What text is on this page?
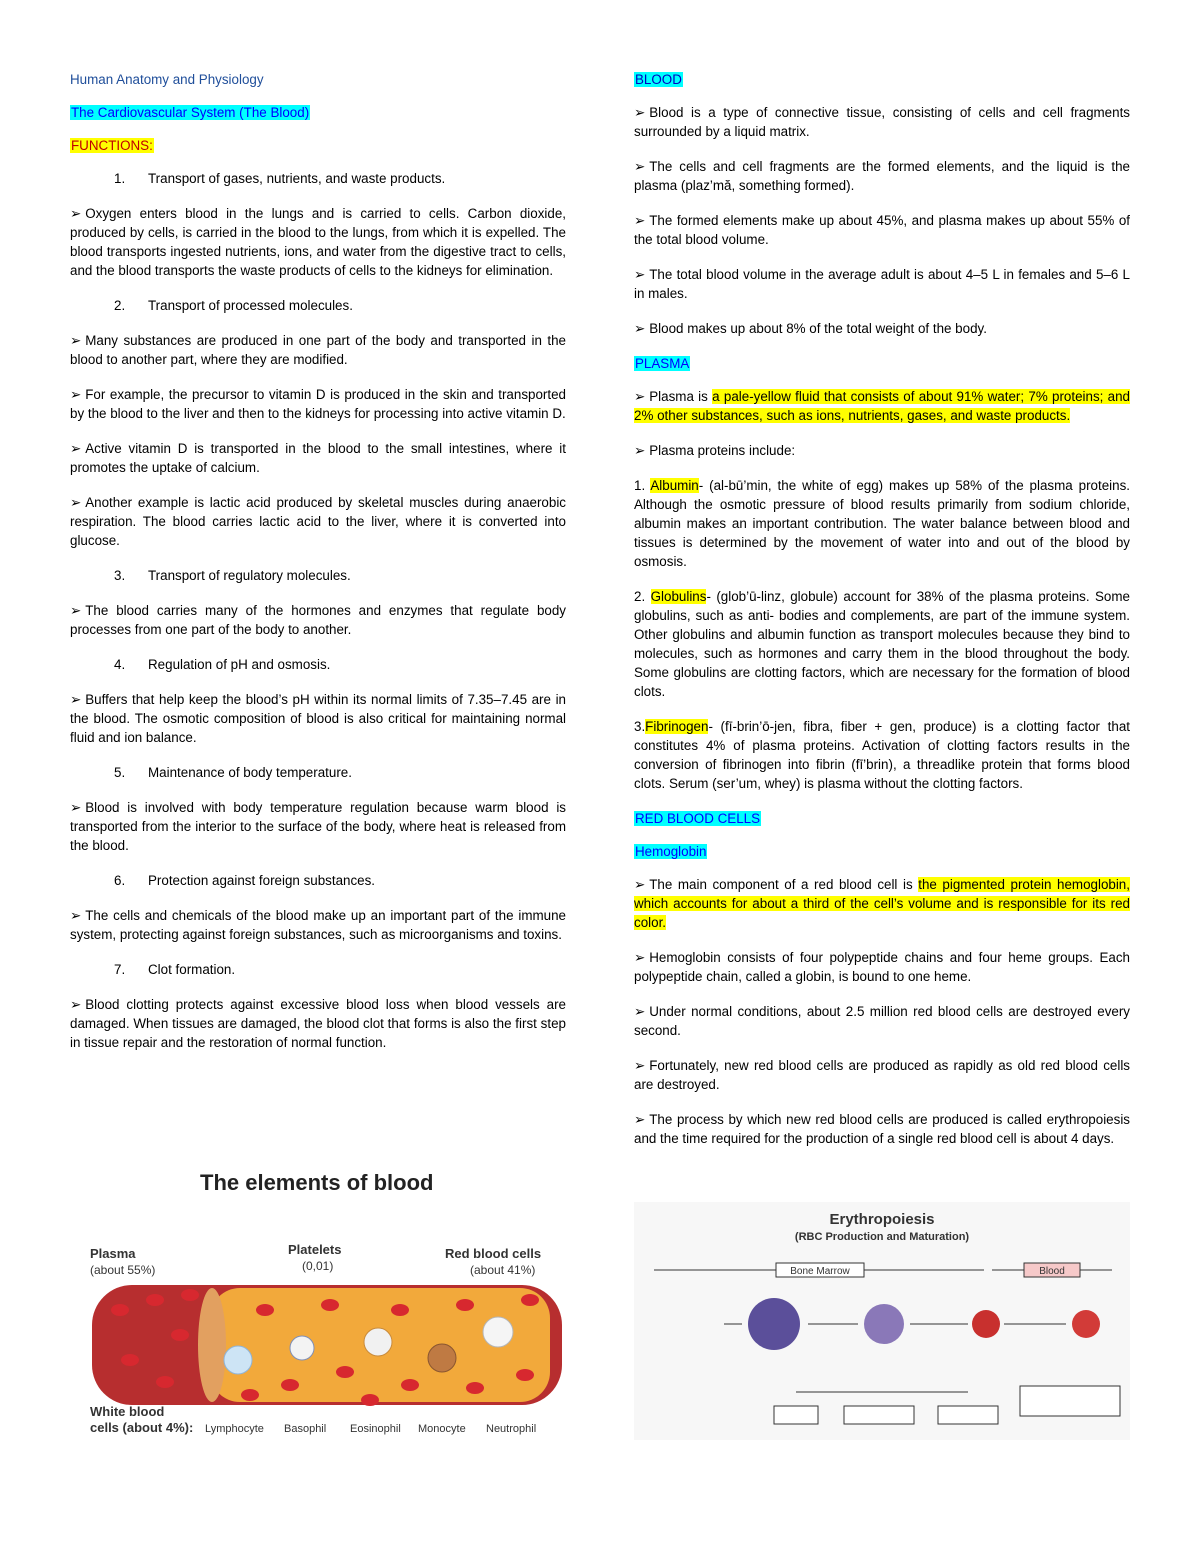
Human Anatomy and Physiology
The Cardiovascular System (The Blood)
FUNCTIONS:
1.	Transport of gases, nutrients, and waste products.

➢ Oxygen enters blood in the lungs and is carried to cells. Carbon dioxide, produced by cells, is carried in the blood to the lungs, from which it is expelled. The blood transports ingested nutrients, ions, and water from the digestive tract to cells, and the blood transports the waste products of cells to the kidneys for elimination.

2.	Transport of processed molecules.

➢ Many substances are produced in one part of the body and transported in the blood to another part, where they are modified.

➢ For example, the precursor to vitamin D is produced in the skin and transported by the blood to the liver and then to the kidneys for processing into active vitamin D.

➢ Active vitamin D is transported in the blood to the small intestines, where it promotes the uptake of calcium.

➢ Another example is lactic acid produced by skeletal muscles during anaerobic respiration. The blood carries lactic acid to the liver, where it is converted into glucose.

3.	Transport of regulatory molecules.

➢ The blood carries many of the hormones and enzymes that regulate body processes from one part of the body to another.

4.	Regulation of pH and osmosis.

➢ Buffers that help keep the blood’s pH within its normal limits of 7.35–7.45 are in the blood. The osmotic composition of blood is also critical for maintaining normal fluid and ion balance.

5.	Maintenance of body temperature.

➢ Blood is involved with body temperature regulation because warm blood is transported from the interior to the surface of the body, where heat is released from the blood.

6.	Protection against foreign substances.

➢ The cells and chemicals of the blood make up an important part of the immune system, protecting against foreign substances, such as microorganisms and toxins.

7.	Clot formation.

➢ Blood clotting protects against excessive blood loss when blood vessels are damaged. When tissues are damaged, the blood clot that forms is also the first step in tissue repair and the restoration of normal function.

BLOOD

➢ Blood is a type of connective tissue, consisting of cells and cell fragments surrounded by a liquid matrix.

➢ The cells and cell fragments are the formed elements, and the liquid is the plasma (plaz’mă, something formed).

➢ The formed elements make up about 45%, and plasma makes up about 55% of the total blood volume.

➢ The total blood volume in the average adult is about 4–5 L in females and 5–6 L in males.

➢ Blood makes up about 8% of the total weight of the body.

PLASMA

➢ Plasma is a pale-yellow fluid that consists of about 91% water; 7% proteins; and 2% other substances, such as ions, nutrients, gases, and waste products.

➢ Plasma proteins include:

1. Albumin- (al-bū’min, the white of egg) makes up 58% of the plasma proteins. Although the osmotic pressure of blood results primarily from sodium chloride, albumin makes an important contribution. The water balance between blood and tissues is determined by the movement of water into and out of the blood by osmosis.

2. Globulins- (glob’ū-linz, globule) account for 38% of the plasma proteins. Some globulins, such as anti- bodies and complements, are part of the immune system. Other globulins and albumin function as transport molecules because they bind to molecules, such as hormones and carry them in the blood throughout the body. Some globulins are clotting factors, which are necessary for the formation of blood clots.

3.Fibrinogen- (fī-brin’ō-jen, fibra, fiber + gen, produce) is a clotting factor that constitutes 4% of plasma proteins. Activation of clotting factors results in the conversion of fibrinogen into fibrin (fī’brin), a threadlike protein that forms blood clots. Serum (ser’um, whey) is plasma without the clotting factors.

RED BLOOD CELLS
Hemoglobin

➢ The main component of a red blood cell is the pigmented protein hemoglobin, which accounts for about a third of the cell’s volume and is responsible for its red color.

➢ Hemoglobin consists of four polypeptide chains and four heme groups. Each polypeptide chain, called a globin, is bound to one heme.

➢ Under normal conditions, about 2.5 million red blood cells are destroyed every second.

➢ Fortunately, new red blood cells are produced as rapidly as old red blood cells are destroyed.

➢ The process by which new red blood cells are produced is called erythropoiesis and the time required for the production of a single red blood cell is about 4 days.

The elements of blood
Plasma
(about 55%)
Platelets
(0,01)
Red blood cells
(about 41%)
White blood
cells (about 4%): Lymphocyte Basophil Eosinophil Monocyte Neutrophil
Erythropoiesis
(RBC Production and Maturation)
Bone Marrow	Blood
